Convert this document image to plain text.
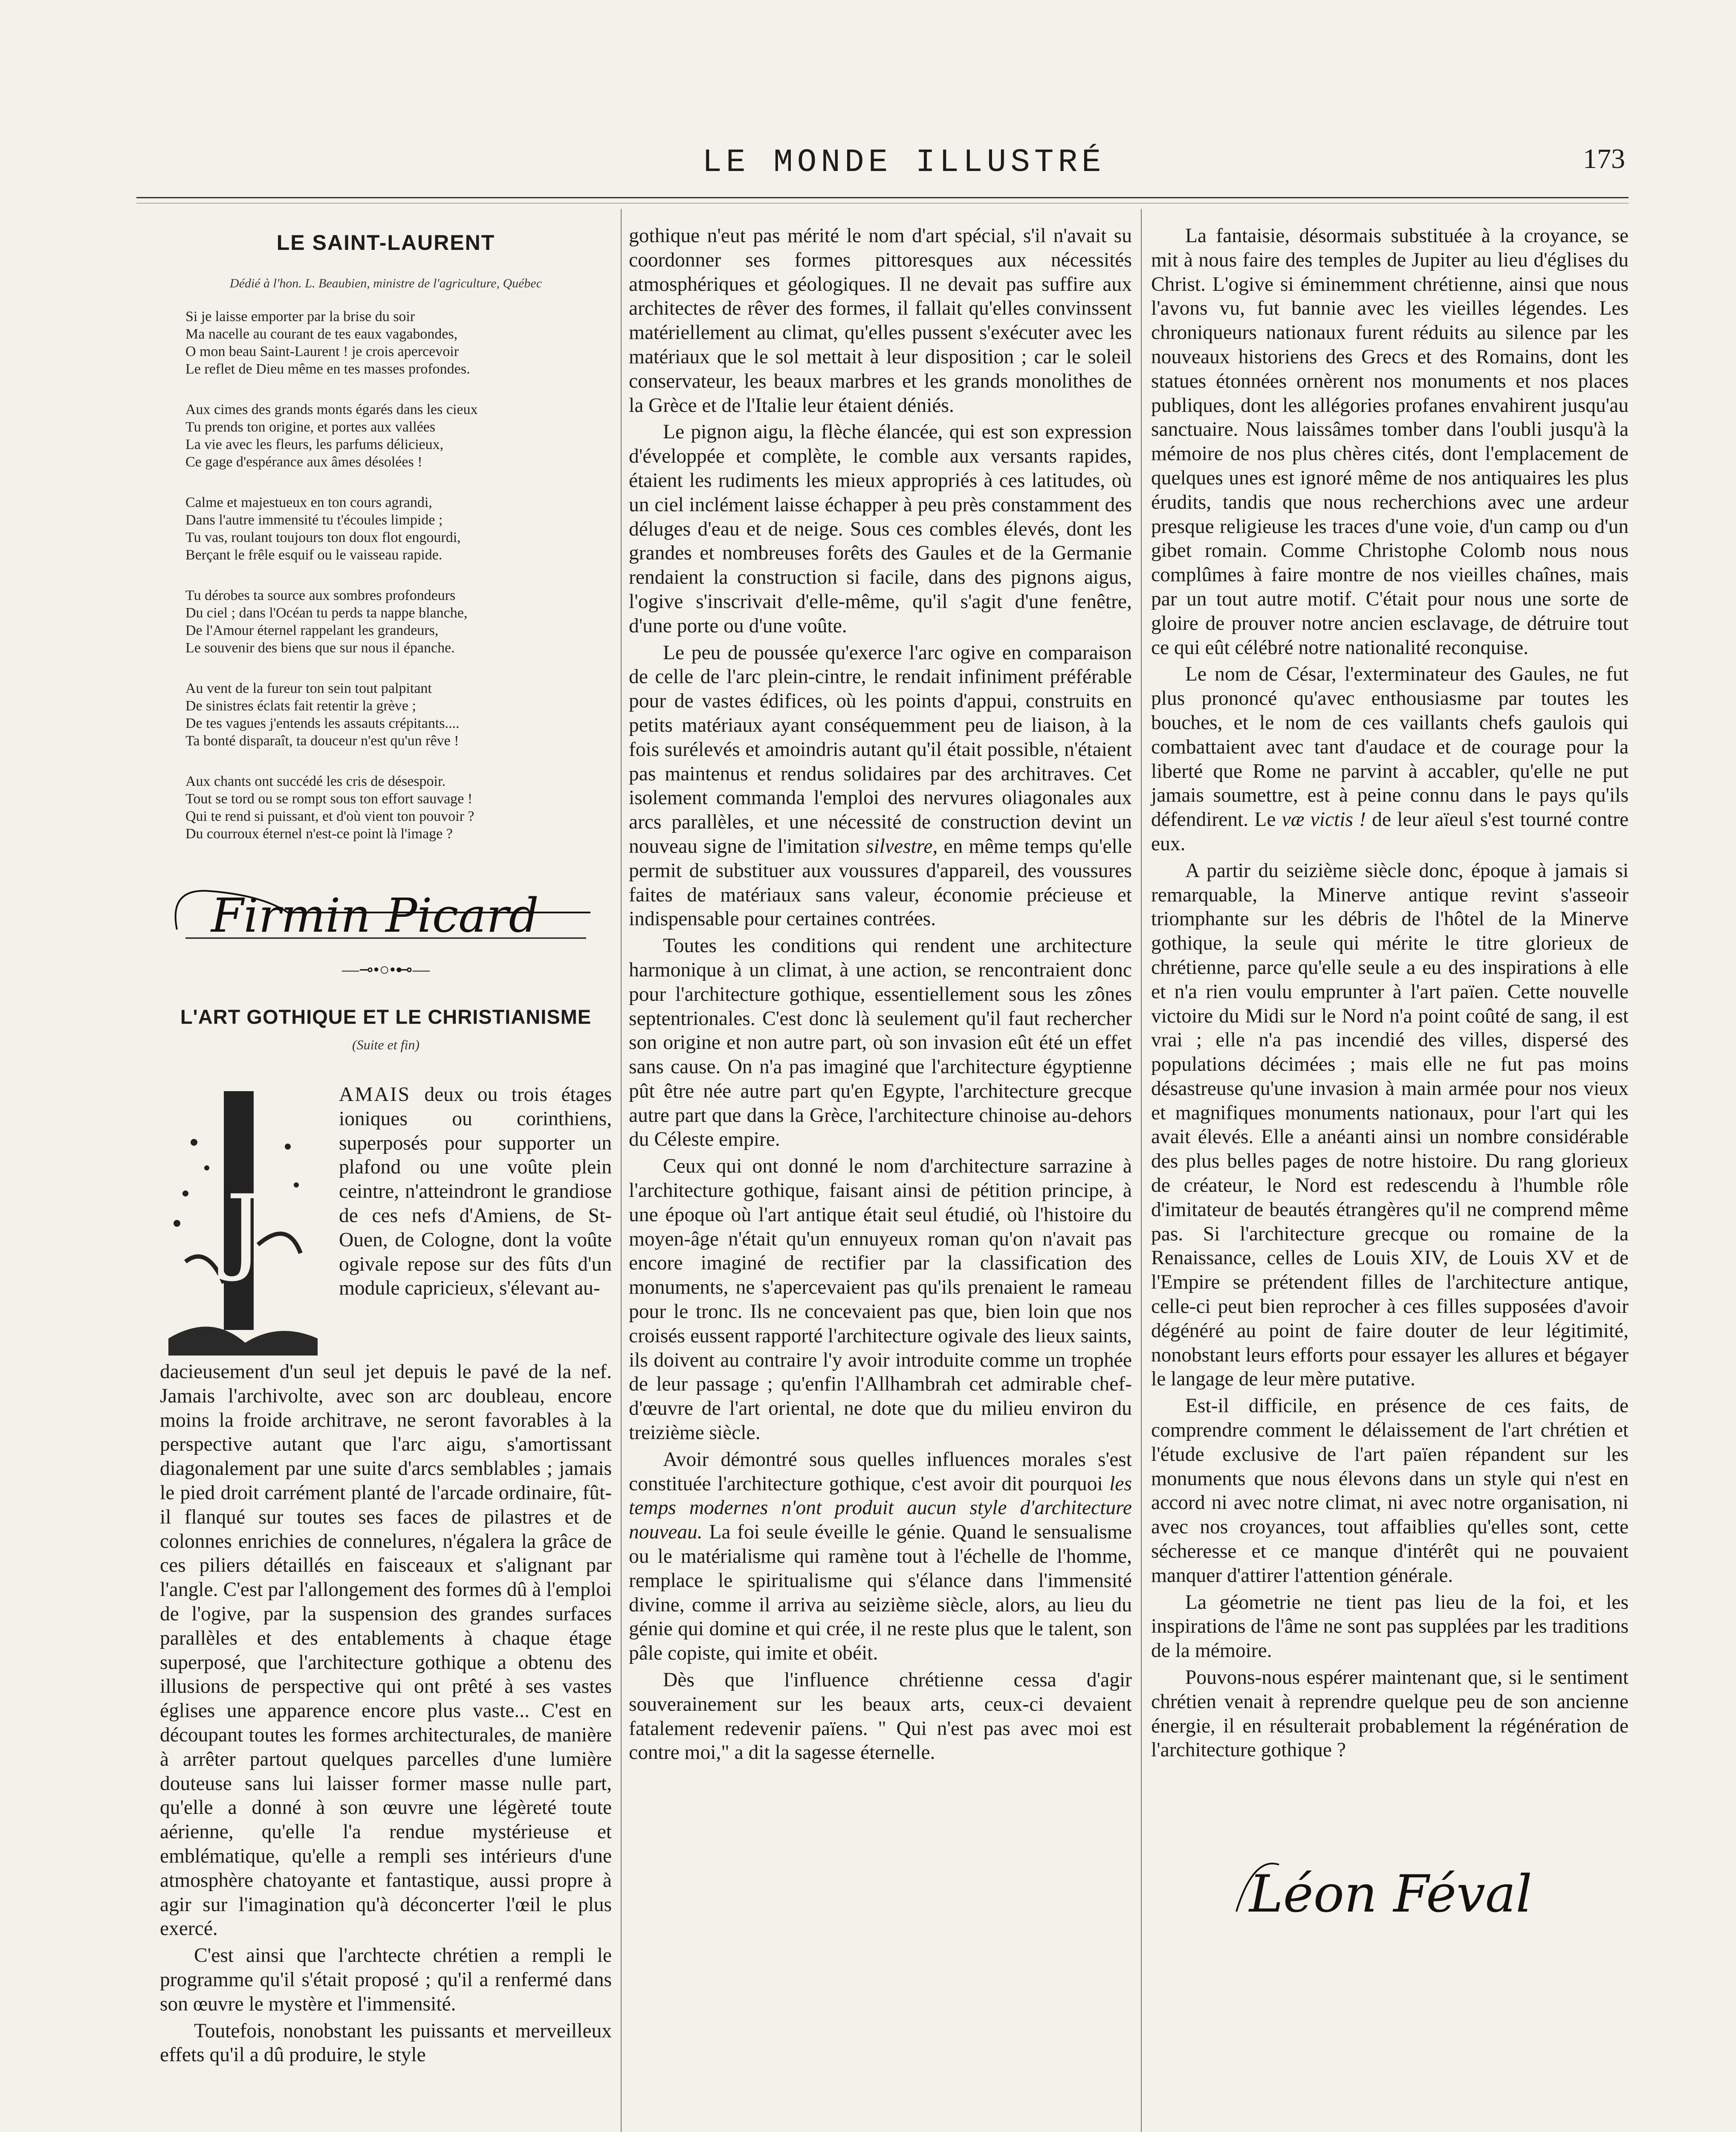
LE MONDE ILLUSTRÉ	173
LE SAINT-LAURENT
Dédié à l'hon. L. Beaubien, ministre de l'agriculture, Québec
Si je laisse emporter par la brise du soir
Ma nacelle au courant de tes eaux vagabondes,
O mon beau Saint-Laurent ! je crois apercevoir
Le reflet de Dieu même en tes masses profondes.
Aux cimes des grands monts égarés dans les cieux
Tu prends ton origine, et portes aux vallées
La vie avec les fleurs, les parfums délicieux,
Ce gage d'espérance aux âmes désolées !
Calme et majestueux en ton cours agrandi,
Dans l'autre immensité tu t'écoules limpide ;
Tu vas, roulant toujours ton doux flot engourdi,
Berçant le frêle esquif ou le vaisseau rapide.
Tu dérobes ta source aux sombres profondeurs
Du ciel ; dans l'Océan tu perds ta nappe blanche,
De l'Amour éternel rappelant les grandeurs,
Le souvenir des biens que sur nous il épanche.
Au vent de la fureur ton sein tout palpitant
De sinistres éclats fait retentir la grève ;
De tes vagues j'entends les assauts crépitants....
Ta bonté disparaît, ta douceur n'est qu'un rêve !
Aux chants ont succédé les cris de désespoir.
Tout se tord ou se rompt sous ton effort sauvage !
Qui te rend si puissant, et d'où vient ton pouvoir ?
Du courroux éternel n'est-ce point là l'image ?
Firmin Picard
—⊸•○•⊷—
L'ART GOTHIQUE ET LE CHRISTIANISME
(Suite et fin)
J
AMAIS deux ou trois étages ioniques ou corinthiens, superposés pour supporter un plafond ou une voûte plein ceintre, n'atteindront le grandiose de ces nefs d'Amiens, de St-Ouen, de Cologne, dont la voûte ogivale repose sur des fûts d'un module capricieux, s'élevant au-

dacieusement d'un seul jet depuis le pavé de la nef. Jamais l'archivolte, avec son arc doubleau, encore moins la froide architrave, ne seront favorables à la perspective autant que l'arc aigu, s'amortissant diagonalement par une suite d'arcs semblables ; jamais le pied droit carrément planté de l'arcade ordinaire, fût-il flanqué sur toutes ses faces de pilastres et de colonnes enrichies de connelures, n'égalera la grâce de ces piliers détaillés en faisceaux et s'alignant par l'angle. C'est par l'allongement des formes dû à l'emploi de l'ogive, par la suspension des grandes surfaces parallèles et des entablements à chaque étage superposé, que l'architecture gothique a obtenu des illusions de perspective qui ont prêté à ses vastes églises une apparence encore plus vaste... C'est en découpant toutes les formes architecturales, de manière à arrêter partout quelques parcelles d'une lumière douteuse sans lui laisser former masse nulle part, qu'elle a donné à son œuvre une légèreté toute aérienne, qu'elle l'a rendue mystérieuse et emblématique, qu'elle a rempli ses intérieurs d'une atmosphère chatoyante et fantastique, aussi propre à agir sur l'imagination qu'à déconcerter l'œil le plus exercé.

C'est ainsi que l'archtecte chrétien a rempli le programme qu'il s'était proposé ; qu'il a renfermé dans son œuvre le mystère et l'immensité.

Toutefois, nonobstant les puissants et merveilleux effets qu'il a dû produire, le style

gothique n'eut pas mérité le nom d'art spécial, s'il n'avait su coordonner ses formes pittoresques aux nécessités atmosphériques et géologiques. Il ne devait pas suffire aux architectes de rêver des formes, il fallait qu'elles convinssent matériellement au climat, qu'elles pussent s'exécuter avec les matériaux que le sol mettait à leur disposition ; car le soleil conservateur, les beaux marbres et les grands monolithes de la Grèce et de l'Italie leur étaient déniés.

Le pignon aigu, la flèche élancée, qui est son expression d'éveloppée et complète, le comble aux versants rapides, étaient les rudiments les mieux appropriés à ces latitudes, où un ciel inclément laisse échapper à peu près constamment des déluges d'eau et de neige. Sous ces combles élevés, dont les grandes et nombreuses forêts des Gaules et de la Germanie rendaient la construction si facile, dans des pignons aigus, l'ogive s'inscrivait d'elle-même, qu'il s'agit d'une fenêtre, d'une porte ou d'une voûte.

Le peu de poussée qu'exerce l'arc ogive en comparaison de celle de l'arc plein-cintre, le rendait infiniment préférable pour de vastes édifices, où les points d'appui, construits en petits matériaux ayant conséquemment peu de liaison, à la fois surélevés et amoindris autant qu'il était possible, n'étaient pas maintenus et rendus solidaires par des architraves. Cet isolement commanda l'emploi des nervures oliagonales aux arcs parallèles, et une nécessité de construction devint un nouveau signe de l'imitation silvestre, en même temps qu'elle permit de substituer aux voussures d'appareil, des voussures faites de matériaux sans valeur, économie précieuse et indispensable pour certaines contrées.

Toutes les conditions qui rendent une architecture harmonique à un climat, à une action, se rencontraient donc pour l'architecture gothique, essentiellement sous les zônes septentrionales. C'est donc là seulement qu'il faut rechercher son origine et non autre part, où son invasion eût été un effet sans cause. On n'a pas imaginé que l'architecture égyptienne pût être née autre part qu'en Egypte, l'architecture grecque autre part que dans la Grèce, l'architecture chinoise au-dehors du Céleste empire.

Ceux qui ont donné le nom d'architecture sarrazine à l'architecture gothique, faisant ainsi de pétition principe, à une époque où l'art antique était seul étudié, où l'histoire du moyen-âge n'était qu'un ennuyeux roman qu'on n'avait pas encore imaginé de rectifier par la classification des monuments, ne s'apercevaient pas qu'ils prenaient le rameau pour le tronc. Ils ne concevaient pas que, bien loin que nos croisés eussent rapporté l'architecture ogivale des lieux saints, ils doivent au contraire l'y avoir introduite comme un trophée de leur passage ; qu'enfin l'Allhambrah cet admirable chef-d'œuvre de l'art oriental, ne dote que du milieu environ du treizième siècle.

Avoir démontré sous quelles influences morales s'est constituée l'architecture gothique, c'est avoir dit pourquoi les temps modernes n'ont produit aucun style d'architecture nouveau. La foi seule éveille le génie. Quand le sensualisme ou le matérialisme qui ramène tout à l'échelle de l'homme, remplace le spiritualisme qui s'élance dans l'immensité divine, comme il arriva au seizième siècle, alors, au lieu du génie qui domine et qui crée, il ne reste plus que le talent, son pâle copiste, qui imite et obéit.

Dès que l'influence chrétienne cessa d'agir souverainement sur les beaux arts, ceux-ci devaient fatalement redevenir païens. " Qui n'est pas avec moi est contre moi," a dit la sagesse éternelle.

La fantaisie, désormais substituée à la croyance, se mit à nous faire des temples de Jupiter au lieu d'églises du Christ. L'ogive si éminemment chrétienne, ainsi que nous l'avons vu, fut bannie avec les vieilles légendes. Les chroniqueurs nationaux furent réduits au silence par les nouveaux historiens des Grecs et des Romains, dont les statues étonnées ornèrent nos monuments et nos places publiques, dont les allégories profanes envahirent jusqu'au sanctuaire. Nous laissâmes tomber dans l'oubli jusqu'à la mémoire de nos plus chères cités, dont l'emplacement de quelques unes est ignoré même de nos antiquaires les plus érudits, tandis que nous recherchions avec une ardeur presque religieuse les traces d'une voie, d'un camp ou d'un gibet romain. Comme Christophe Colomb nous nous complûmes à faire montre de nos vieilles chaînes, mais par un tout autre motif. C'était pour nous une sorte de gloire de prouver notre ancien esclavage, de détruire tout ce qui eût célébré notre nationalité reconquise.

Le nom de César, l'exterminateur des Gaules, ne fut plus prononcé qu'avec enthousiasme par toutes les bouches, et le nom de ces vaillants chefs gaulois qui combattaient avec tant d'audace et de courage pour la liberté que Rome ne parvint à accabler, qu'elle ne put jamais soumettre, est à peine connu dans le pays qu'ils défendirent. Le væ victis ! de leur aïeul s'est tourné contre eux.

A partir du seizième siècle donc, époque à jamais si remarquable, la Minerve antique revint s'asseoir triomphante sur les débris de l'hôtel de la Minerve gothique, la seule qui mérite le titre glorieux de chrétienne, parce qu'elle seule a eu des inspirations à elle et n'a rien voulu emprunter à l'art païen. Cette nouvelle victoire du Midi sur le Nord n'a point coûté de sang, il est vrai ; elle n'a pas incendié des villes, dispersé des populations décimées ; mais elle ne fut pas moins désastreuse qu'une invasion à main armée pour nos vieux et magnifiques monuments nationaux, pour l'art qui les avait élevés. Elle a anéanti ainsi un nombre considérable des plus belles pages de notre histoire. Du rang glorieux de créateur, le Nord est redescendu à l'humble rôle d'imitateur de beautés étrangères qu'il ne comprend même pas. Si l'architecture grecque ou romaine de la Renaissance, celles de Louis XIV, de Louis XV et de l'Empire se prétendent filles de l'architecture antique, celle-ci peut bien reprocher à ces filles supposées d'avoir dégénéré au point de faire douter de leur légitimité, nonobstant leurs efforts pour essayer les allures et bégayer le langage de leur mère putative.

Est-il difficile, en présence de ces faits, de comprendre comment le délaissement de l'art chrétien et l'étude exclusive de l'art païen répandent sur les monuments que nous élevons dans un style qui n'est en accord ni avec notre climat, ni avec notre organisation, ni avec nos croyances, tout affaiblies qu'elles sont, cette sécheresse et ce manque d'intérêt qui ne pouvaient manquer d'attirer l'attention générale.

La géometrie ne tient pas lieu de la foi, et les inspirations de l'âme ne sont pas supplées par les traditions de la mémoire.

Pouvons-nous espérer maintenant que, si le sentiment chrétien venait à reprendre quelque peu de son ancienne énergie, il en résulterait probablement la régénération de l'architecture gothique ?

Léon Féval
